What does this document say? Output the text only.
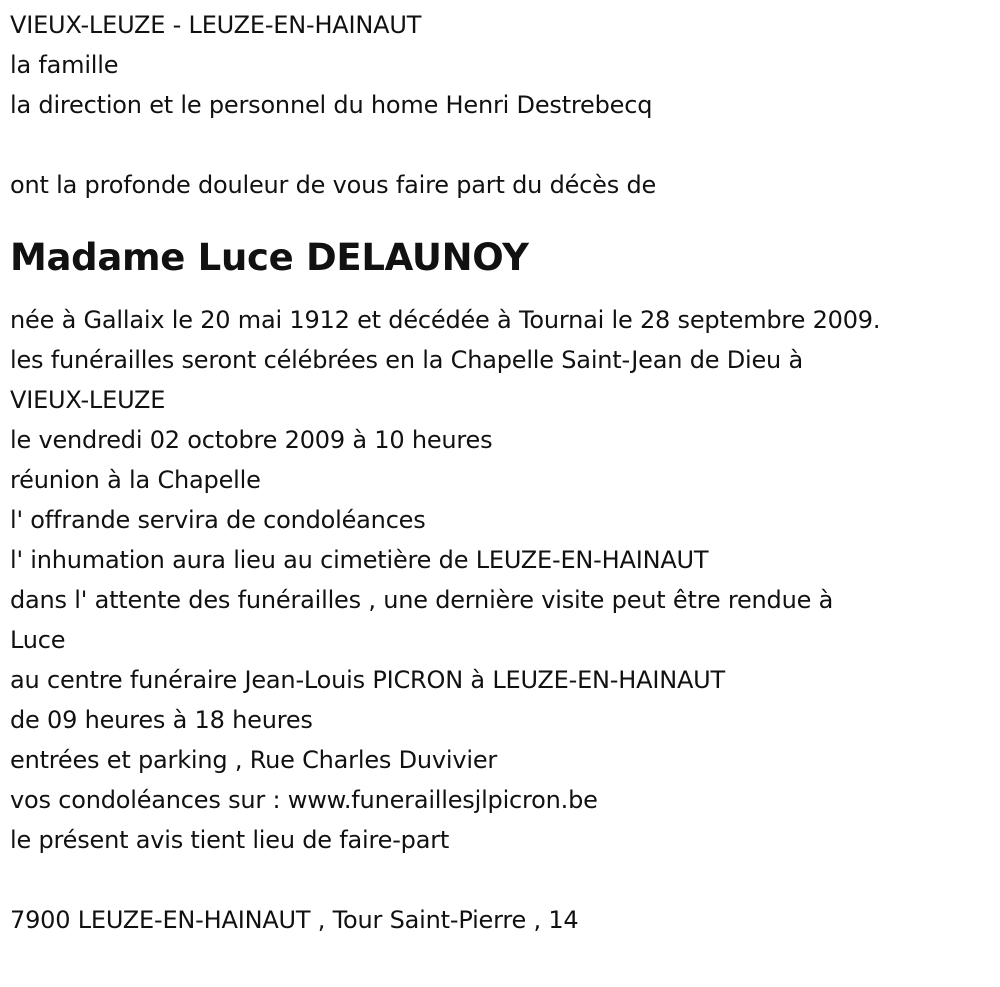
VIEUX-LEUZE - LEUZE-EN-HAINAUT
la famille
la direction et le personnel du home Henri Destrebecq
ont la profonde douleur de vous faire part du décès de
Madame Luce DELAUNOY
née à Gallaix le 20 mai 1912 et décédée à Tournai le 28 septembre 2009.
les funérailles seront célébrées en la Chapelle Saint-Jean de Dieu à
VIEUX-LEUZE
le vendredi 02 octobre 2009 à 10 heures
réunion à la Chapelle
l' offrande servira de condoléances
l' inhumation aura lieu au cimetière de LEUZE-EN-HAINAUT
dans l' attente des funérailles , une dernière visite peut être rendue à
Luce
au centre funéraire Jean-Louis PICRON à LEUZE-EN-HAINAUT
de 09 heures à 18 heures
entrées et parking , Rue Charles Duvivier
vos condoléances sur : www.funeraillesjlpicron.be
le présent avis tient lieu de faire-part
7900 LEUZE-EN-HAINAUT , Tour Saint-Pierre , 14
